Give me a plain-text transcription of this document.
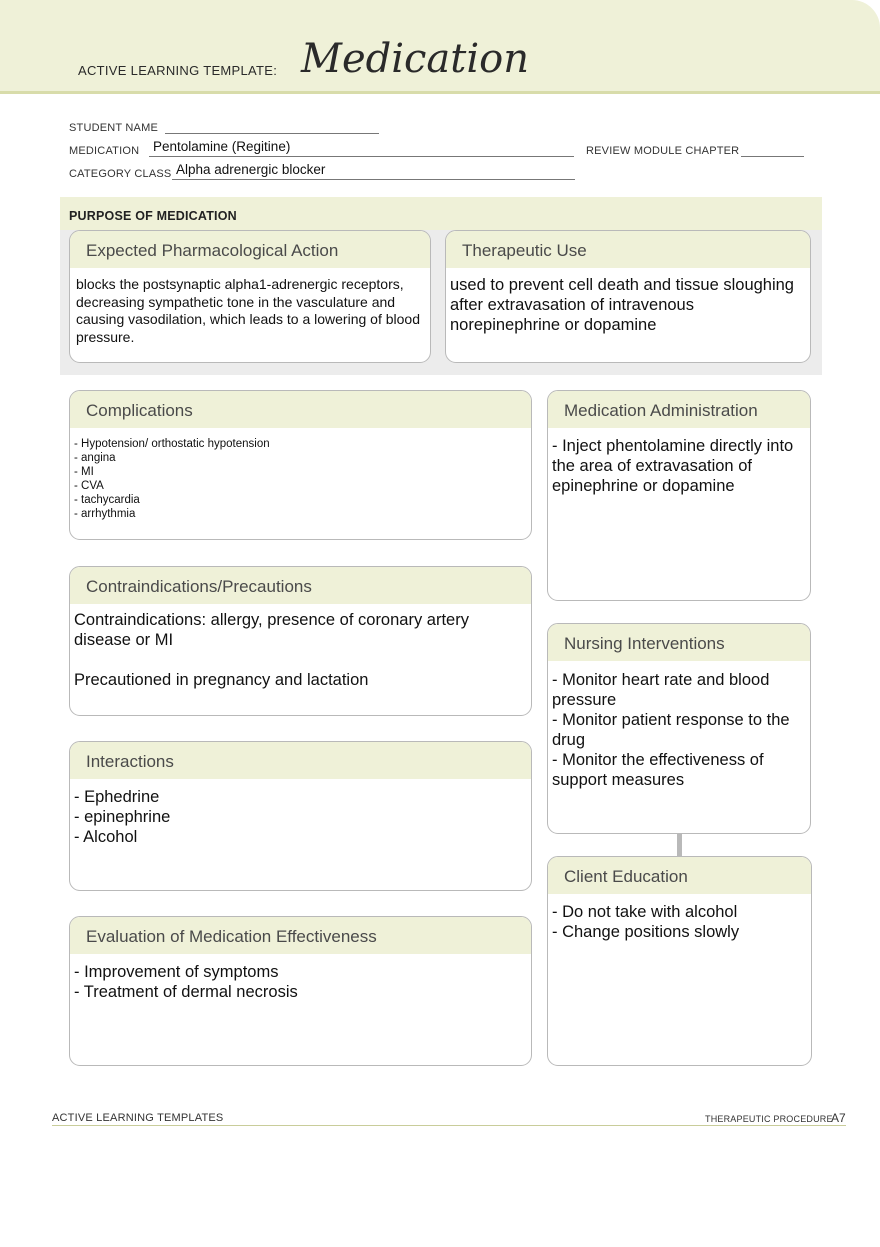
ACTIVE LEARNING TEMPLATE: Medication
STUDENT NAME
MEDICATION Pentolamine (Regitine)	REVIEW MODULE CHAPTER
CATEGORY CLASS Alpha adrenergic blocker
PURPOSE OF MEDICATION
Expected Pharmacological Action
blocks the postsynaptic alpha1-adrenergic receptors, decreasing sympathetic tone in the vasculature and causing vasodilation, which leads to a lowering of blood pressure.
Therapeutic Use
used to prevent cell death and tissue sloughing after extravasation of intravenous norepinephrine or dopamine
Complications
- Hypotension/ orthostatic hypotension
- angina
- MI
- CVA
- tachycardia
- arrhythmia
Medication Administration
- Inject phentolamine directly into the area of extravasation of epinephrine or dopamine
Contraindications/Precautions
Contraindications: allergy, presence of coronary artery disease or MI

Precautioned in pregnancy and lactation
Nursing Interventions
- Monitor heart rate and blood pressure
- Monitor patient response to the drug
- Monitor the effectiveness of support measures
Interactions
- Ephedrine
- epinephrine
- Alcohol
Client Education
- Do not take with alcohol
- Change positions slowly
Evaluation of Medication Effectiveness
- Improvement of symptoms
- Treatment of dermal necrosis
ACTIVE LEARNING TEMPLATES	THERAPEUTIC PROCEDURE
A7
